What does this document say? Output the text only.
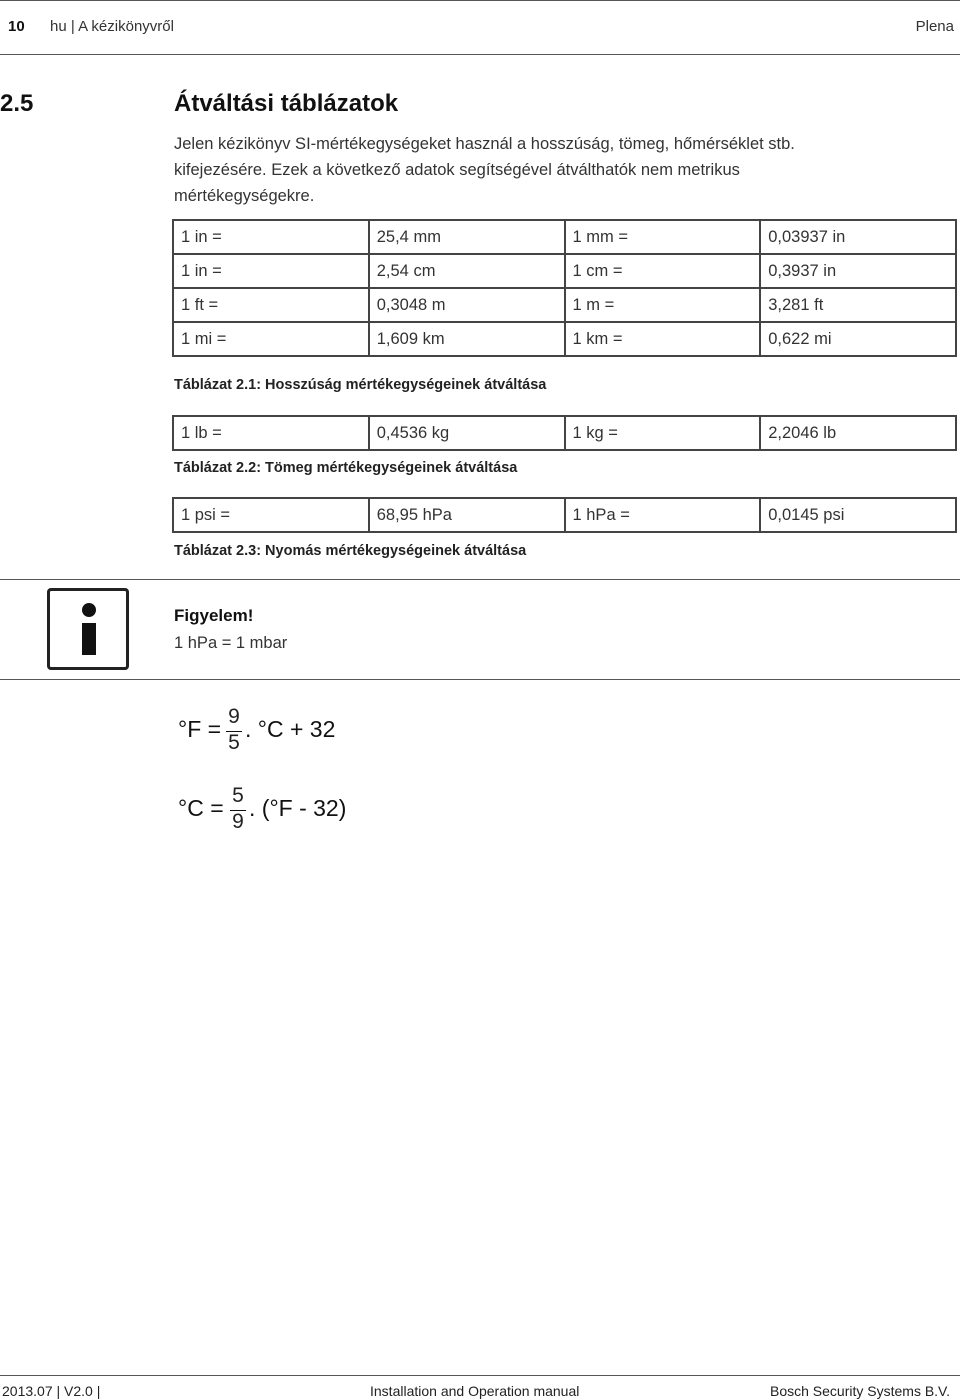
10 hu | A kézikönyvről	Plena
2.5	Átváltási táblázatok
Jelen kézikönyv SI-mértékegységeket használ a hosszúság, tömeg, hőmérséklet stb. kifejezésére. Ezek a következő adatok segítségével átválthatók nem metrikus mértékegységekre.
1 in =	25,4 mm	1 mm =	0,03937 in
1 in =	2,54 cm	1 cm =	0,3937 in
1 ft =	0,3048 m	1 m =	3,281 ft
1 mi =	1,609 km	1 km =	0,622 mi
Táblázat 2.1: Hosszúság mértékegységeinek átváltása
1 lb =	0,4536 kg	1 kg =	2,2046 lb
Táblázat 2.2: Tömeg mértékegységeinek átváltása
1 psi =	68,95 hPa	1 hPa =	0,0145 psi
Táblázat 2.3: Nyomás mértékegységeinek átváltása
Figyelem!
1 hPa = 1 mbar
°F = 9
5
. °C + 32
°C = 5
9
. (°F - 32)
2013.07 | V2.0 |	Installation and Operation manual	Bosch Security Systems B.V.
